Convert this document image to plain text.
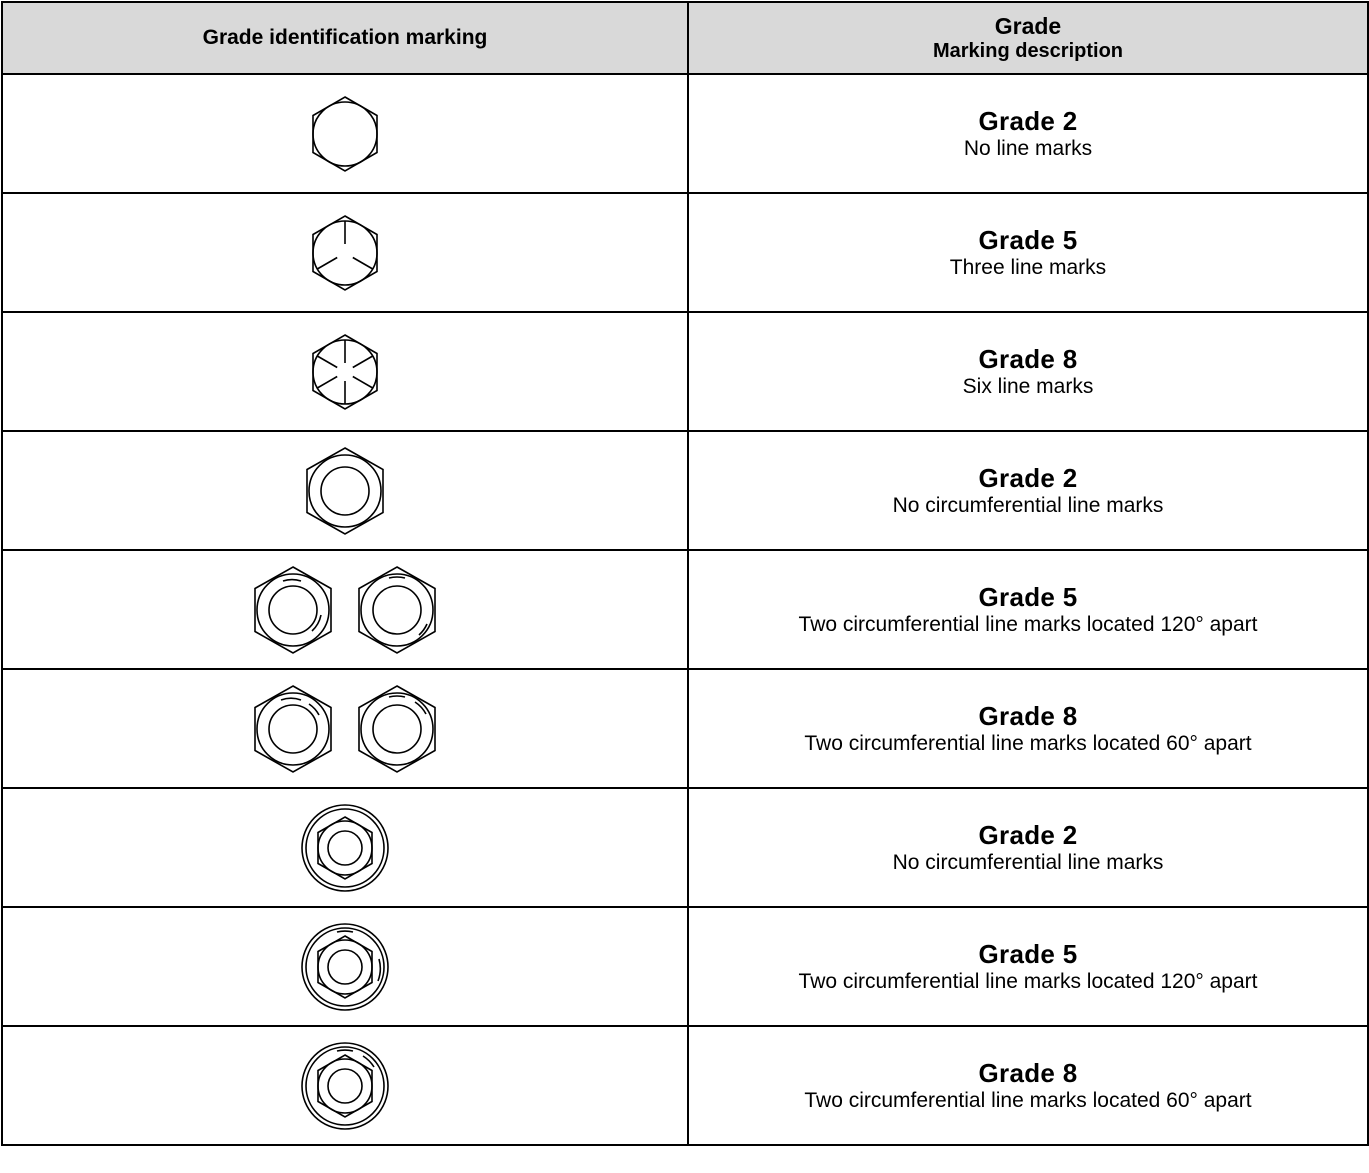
Grade identification marking	Grade
Marking description

Grade 2
No line marks

Grade 5
Three line marks

Grade 8
Six line marks

Grade 2
No circumferential line marks

Grade 5
Two circumferential line marks located 120° apart

Grade 8
Two circumferential line marks located 60° apart

Grade 2
No circumferential line marks

Grade 5
Two circumferential line marks located 120° apart

Grade 8
Two circumferential line marks located 60° apart
